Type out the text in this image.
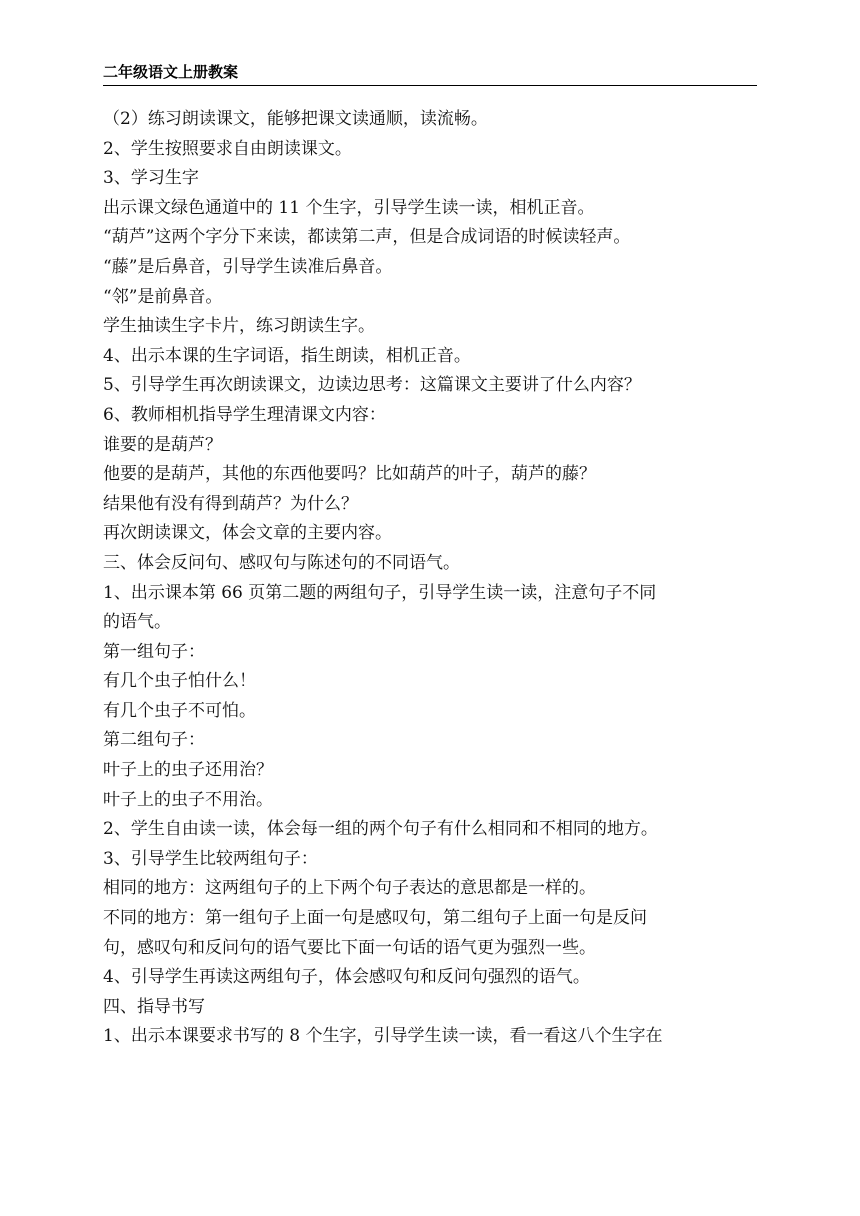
二年级语文上册教案
（2）练习朗读课文，能够把课文读通顺，读流畅。
2、学生按照要求自由朗读课文。
3、学习生字
出示课文绿色通道中的 11 个生字，引导学生读一读，相机正音。
“葫芦”这两个字分下来读，都读第二声，但是合成词语的时候读轻声。
“藤”是后鼻音，引导学生读准后鼻音。
“邻”是前鼻音。
学生抽读生字卡片，练习朗读生字。
4、出示本课的生字词语，指生朗读，相机正音。
5、引导学生再次朗读课文，边读边思考：这篇课文主要讲了什么内容？
6、教师相机指导学生理清课文内容：
谁要的是葫芦？
他要的是葫芦，其他的东西他要吗？比如葫芦的叶子，葫芦的藤？
结果他有没有得到葫芦？为什么？
再次朗读课文，体会文章的主要内容。
三、体会反问句、感叹句与陈述句的不同语气。
1、出示课本第 66 页第二题的两组句子，引导学生读一读，注意句子不同
的语气。
第一组句子：
有几个虫子怕什么！
有几个虫子不可怕。
第二组句子：
叶子上的虫子还用治？
叶子上的虫子不用治。
2、学生自由读一读，体会每一组的两个句子有什么相同和不相同的地方。
3、引导学生比较两组句子：
相同的地方：这两组句子的上下两个句子表达的意思都是一样的。
不同的地方：第一组句子上面一句是感叹句，第二组句子上面一句是反问
句，感叹句和反问句的语气要比下面一句话的语气更为强烈一些。
4、引导学生再读这两组句子，体会感叹句和反问句强烈的语气。
四、指导书写
1、出示本课要求书写的 8 个生字，引导学生读一读，看一看这八个生字在
